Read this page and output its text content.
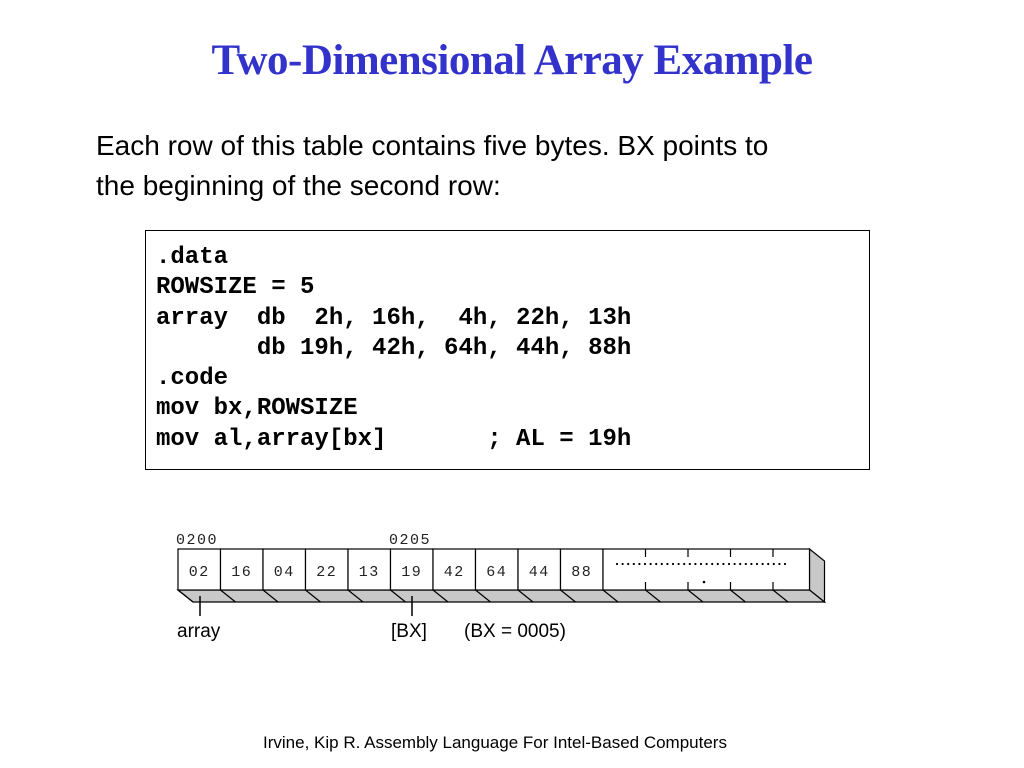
Two-Dimensional Array Example
Each row of this table contains five bytes. BX points to
the beginning of the second row:
.data
ROWSIZE = 5
array  db  2h, 16h,  4h, 22h, 13h
db 19h, 42h, 64h, 44h, 88h
.code
mov bx,ROWSIZE
mov al,array[bx]       ; AL = 19h
02 16 04 22 13 19 42 64 44 88
0200	0205
array	[BX] (BX = 0005)
Irvine, Kip R. Assembly Language For Intel-Based Computers
